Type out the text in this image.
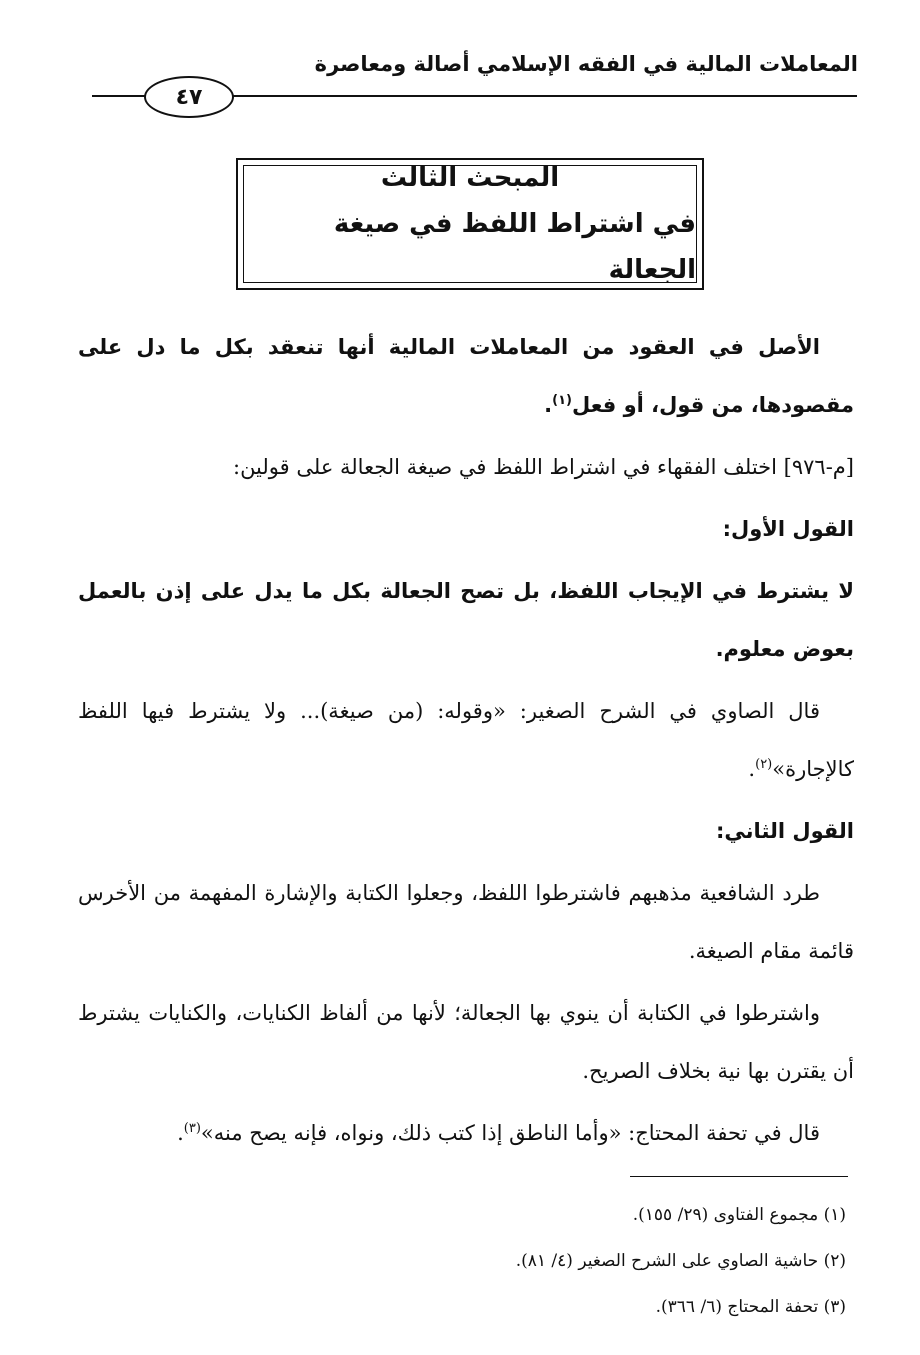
المعاملات المالية في الفقه الإسلامي أصالة ومعاصرة
٤٧
المبحث الثالث
في اشتراط اللفظ في صيغة الجعالة

الأصل في العقود من المعاملات المالية أنها تنعقد بكل ما دل على مقصودها، من قول، أو فعل$^{(١)}$.

[م-٩٧٦] اختلف الفقهاء في اشتراط اللفظ في صيغة الجعالة على قولين:

القول الأول:

لا يشترط في الإيجاب اللفظ، بل تصح الجعالة بكل ما يدل على إذن بالعمل بعوض معلوم.

قال الصاوي في الشرح الصغير: «وقوله: (من صيغة)... ولا يشترط فيها اللفظ كالإجارة»$^{(٢)}$.

القول الثاني:

طرد الشافعية مذهبهم فاشترطوا اللفظ، وجعلوا الكتابة والإشارة المفهمة من الأخرس قائمة مقام الصيغة.

واشترطوا في الكتابة أن ينوي بها الجعالة؛ لأنها من ألفاظ الكنايات، والكنايات يشترط أن يقترن بها نية بخلاف الصريح.

قال في تحفة المحتاج: «وأما الناطق إذا كتب ذلك، ونواه، فإنه يصح منه»$^{(٣)}$.

(١) مجموع الفتاوى (٢٩/ ١٥٥).
(٢) حاشية الصاوي على الشرح الصغير (٤/ ٨١).
(٣) تحفة المحتاج (٦/ ٣٦٦).
